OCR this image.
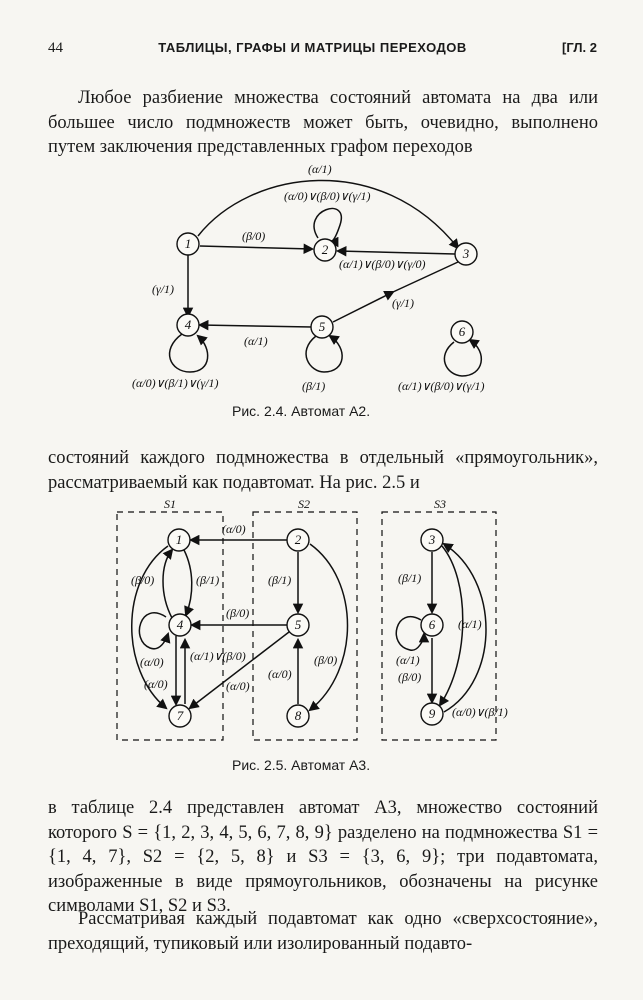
44	ТАБЛИЦЫ, ГРАФЫ И МАТРИЦЫ ПЕРЕХОДОВ	[ГЛ. 2

Любое разбиение множества состояний автомата на два или большее число подмножеств может быть, очевидно, выполнено путем заключения представленных графом переходов

1	2	3
4	5	6
(α/1)
(α/0)∨(β/0)∨(γ/1)
(β/0)
(α/1)∨(β/0)∨(γ/0)
(γ/1)
(γ/1)
(α/1)
(α/0)∨(β/1)∨(γ/1)	(β/1)	(α/1)∨(β/0)∨(γ/1)
S1	S2	S3
1	2	3
4	5	6
7	8	9
(α/0)
(β/0)	(β/1)	(β/1)
(β/0)
(α/0)
(α/0)
(α/1)∨(β/0)
(α/0)
(α/0)
(β/0)
(β/1)
(α/1)
(α/1)
(β/0)
(α/0)∨(β/1)
Рис. 2.4. Автомат A2.

состояний каждого подмножества в отдельный «прямоугольник», рассматриваемый как подавтомат. На рис. 2.5 и

Рис. 2.5. Автомат A3.

в таблице 2.4 представлен автомат A3, множество состояний которого S = {1, 2, 3, 4, 5, 6, 7, 8, 9} разделено на подмножества S1 = {1, 4, 7}, S2 = {2, 5, 8} и S3 = {3, 6, 9}; три подавтомата, изображенные в виде прямоугольников, обозначены на рисунке символами S1, S2 и S3.

Рассматривая каждый подавтомат как одно «сверхсостояние», преходящий, тупиковый или изолированный подавто-
